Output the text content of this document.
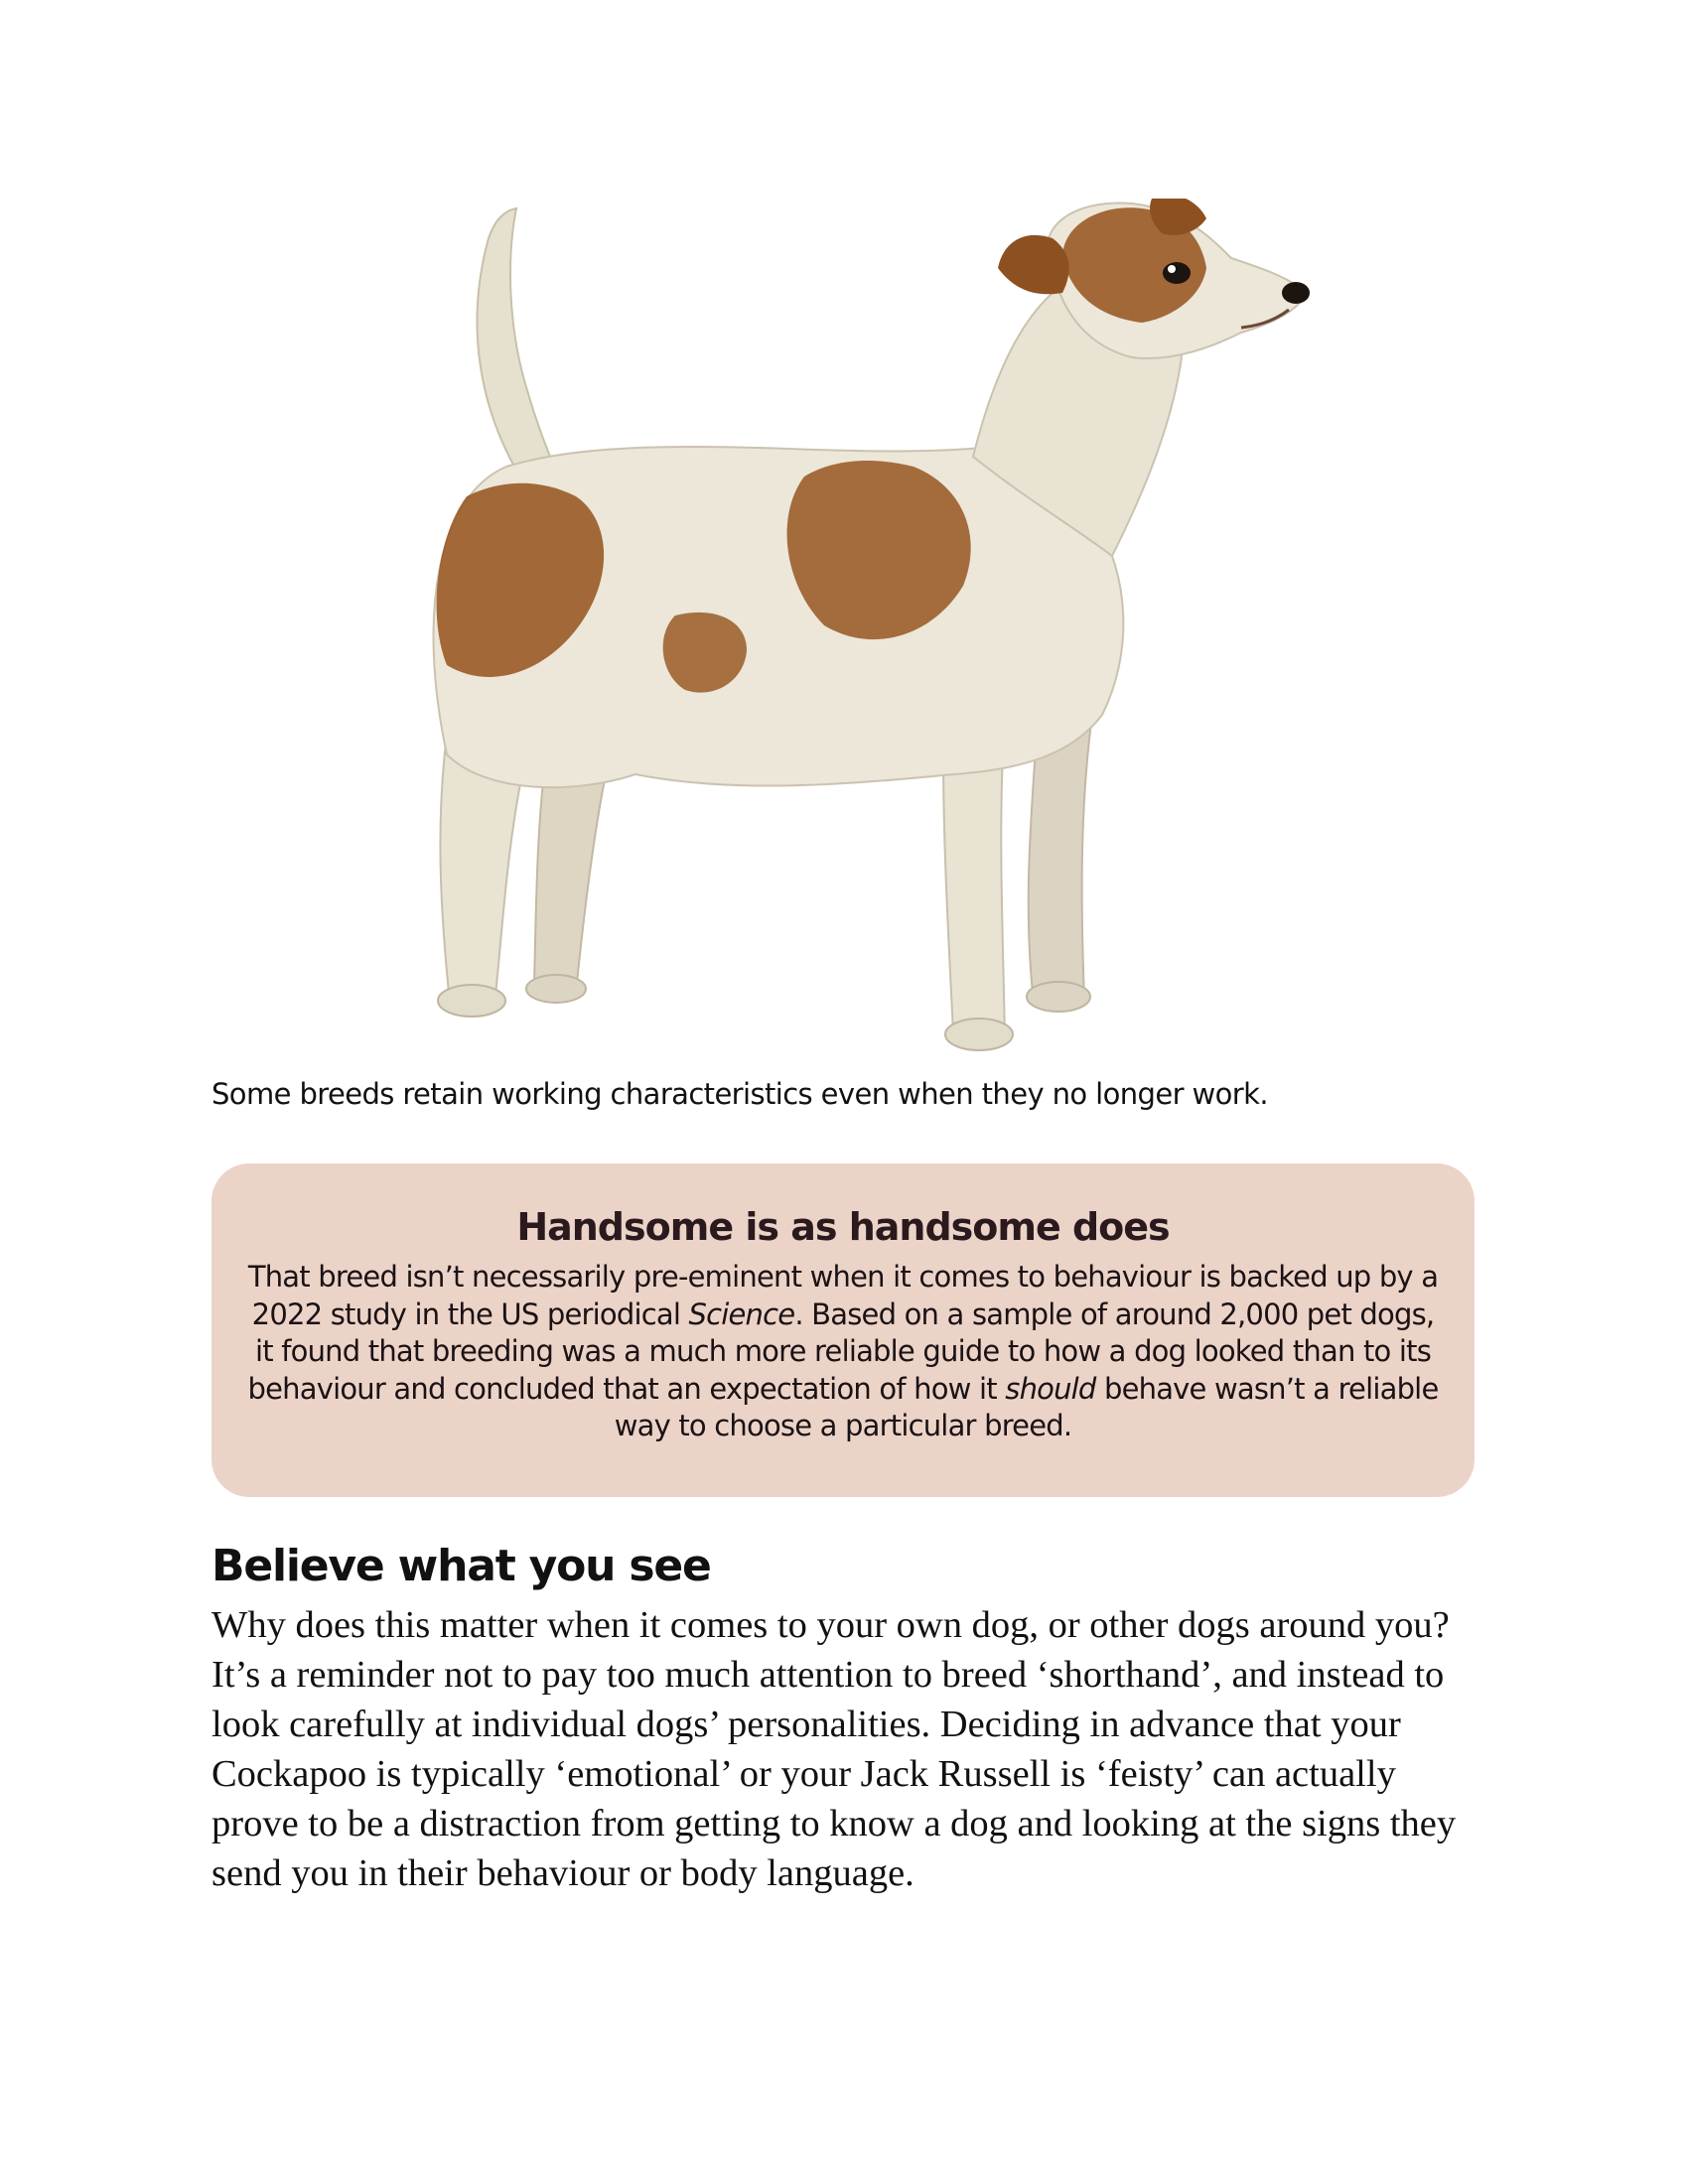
Some breeds retain working characteristics even when they no longer work.
Handsome is as handsome does

That breed isn’t necessarily pre-eminent when it comes to behaviour is backed up by a 2022 study in the US periodical Science. Based on a sample of around 2,000 pet dogs, it found that breeding was a much more reliable guide to how a dog looked than to its behaviour and concluded that an expectation of how it should behave wasn’t a reliable way to choose a particular breed.

Believe what you see

Why does this matter when it comes to your own dog, or other dogs around you? It’s a reminder not to pay too much attention to breed ‘shorthand’, and instead to look carefully at individual dogs’ personalities. Deciding in advance that your Cockapoo is typically ‘emotional’ or your Jack Russell is ‘feisty’ can actually prove to be a distraction from getting to know a dog and looking at the signs they send you in their behaviour or body language.
